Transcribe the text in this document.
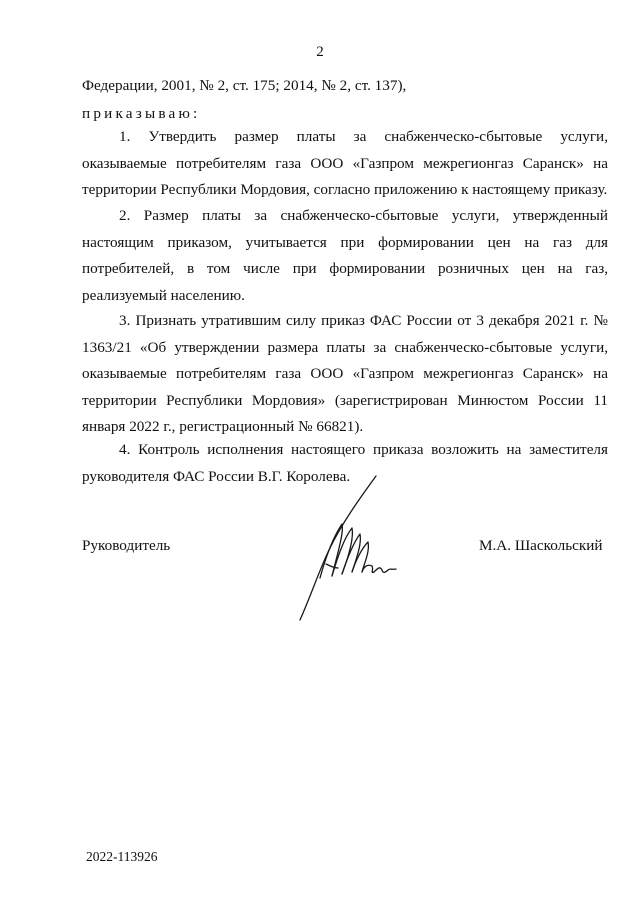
2
Федерации, 2001, № 2, ст. 175; 2014, № 2, ст. 137),
приказываю:

1. Утвердить размер платы за снабженческо-сбытовые услуги, оказываемые потребителям газа ООО «Газпром межрегионгаз Саранск» на территории Республики Мордовия, согласно приложению к настоящему приказу.

2. Размер платы за снабженческо-сбытовые услуги, утвержденный настоящим приказом, учитывается при формировании цен на газ для потребителей, в том числе при формировании розничных цен на газ, реализуемый населению.

3. Признать утратившим силу приказ ФАС России от 3 декабря 2021 г. № 1363/21 «Об утверждении размера платы за снабженческо-сбытовые услуги, оказываемые потребителям газа ООО «Газпром межрегионгаз Саранск» на территории Республики Мордовия» (зарегистрирован Минюстом России 11 января 2022 г., регистрационный № 66821).

4. Контроль исполнения настоящего приказа возложить на заместителя руководителя ФАС России В.Г. Королева.

Руководитель	М.А. Шаскольский
2022-113926
